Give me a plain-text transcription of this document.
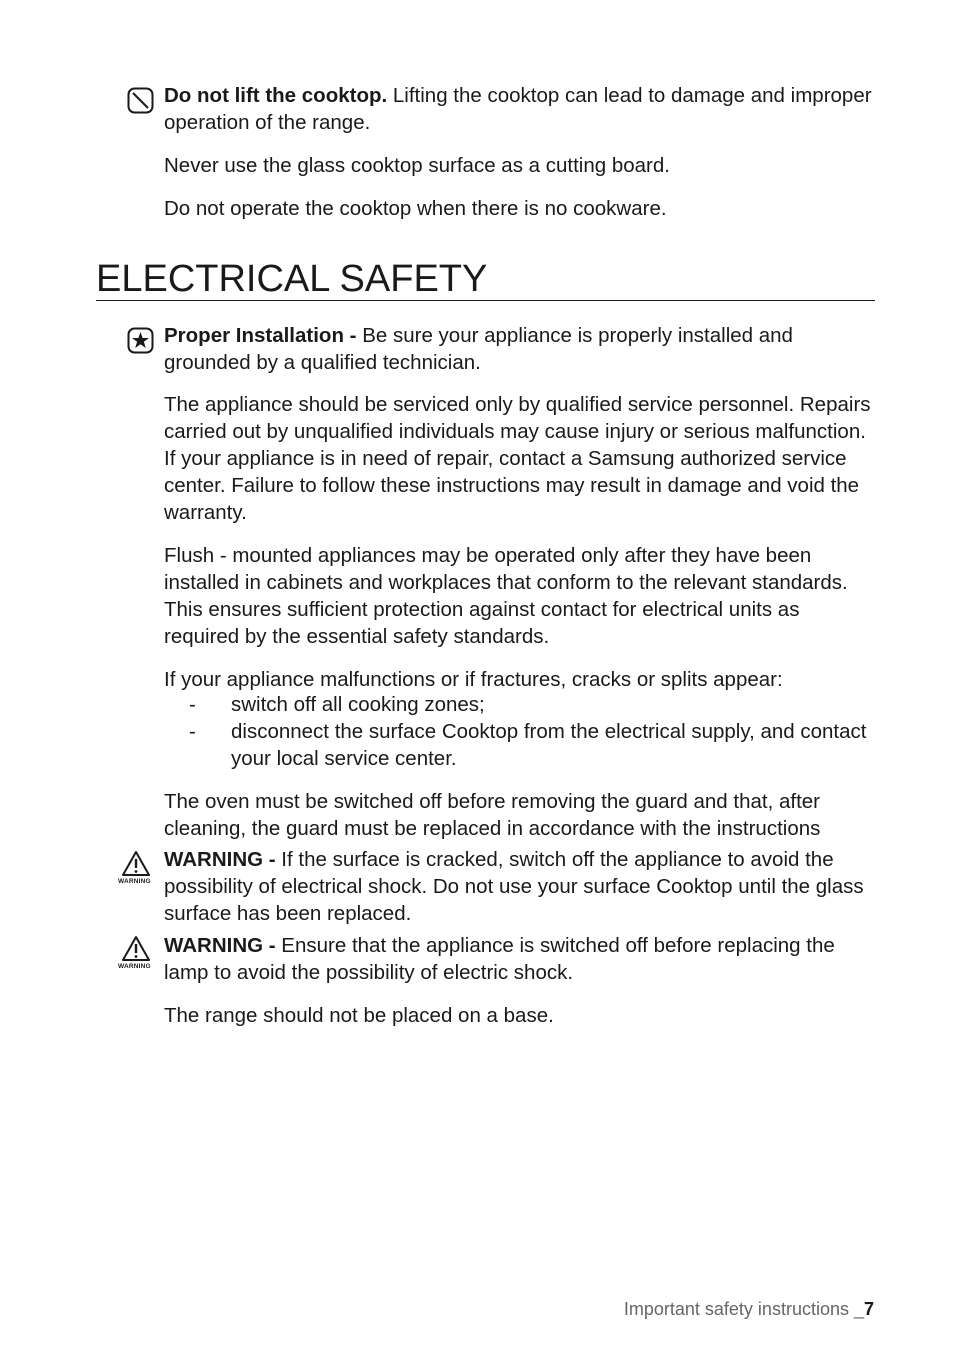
Do not lift the cooktop. Lifting the cooktop can lead to damage and improper operation of the range.

Never use the glass cooktop surface as a cutting board.

Do not operate the cooktop when there is no cookware.

ELECTRICAL SAFETY

Proper Installation - Be sure your appliance is properly installed and grounded by a qualified technician.

The appliance should be serviced only by qualified service personnel. Repairs carried out by unqualified individuals may cause injury or serious malfunction. If your appliance is in need of repair, contact a Samsung authorized service center. Failure to follow these instructions may result in damage and void the warranty.

Flush - mounted appliances may be operated only after they have been installed in cabinets and workplaces that conform to the relevant standards. This ensures sufficient protection against contact for electrical units as required by the essential safety standards.

If your appliance malfunctions or if fractures, cracks or splits appear:

- switch off all cooking zones;
- disconnect the surface Cooktop from the electrical supply, and contact your local service center.

The oven must be switched off before removing the guard and that, after cleaning, the guard must be replaced in accordance with the instructions

WARNING

WARNING - If the surface is cracked, switch off the appliance to avoid the possibility of electrical shock. Do not use your surface Cooktop until the glass surface has been replaced.

WARNING

WARNING - Ensure that the appliance is switched off before replacing the lamp to avoid the possibility of electric shock.

The range should not be placed on a base.

Important safety instructions _7
